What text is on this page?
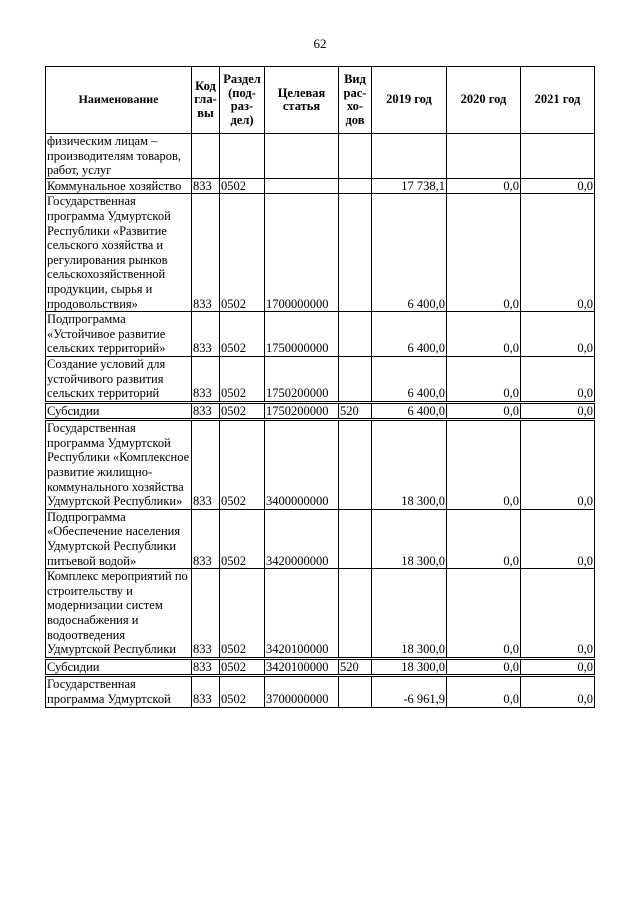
62
Наименование	Код гла- вы	Раздел (под- раз- дел)	Целевая статья	Вид рас- хо- дов	2019 год	2020 год	2021 год
физическим лицам – производителям товаров, работ, услуг							
Коммунальное хозяйство	833	0502			17 738,1	0,0	0,0
Государственная программа Удмуртской Республики «Развитие сельского хозяйства и регулирования рынков сельскохозяйственной продукции, сырья и продовольствия»	833	0502	1700000000		6 400,0	0,0	0,0
Подпрограмма «Устойчивое развитие сельских территорий»	833	0502	1750000000		6 400,0	0,0	0,0
Создание условий для устойчивого развития сельских территорий	833	0502	1750200000		6 400,0	0,0	0,0
Субсидии	833	0502	1750200000	520	6 400,0	0,0	0,0
Государственная программа Удмуртской Республики «Комплексное развитие жилищно-коммунального хозяйства Удмуртской Республики»	833	0502	3400000000		18 300,0	0,0	0,0
Подпрограмма «Обеспечение населения Удмуртской Республики питьевой водой»	833	0502	3420000000		18 300,0	0,0	0,0
Комплекс мероприятий по строительству и модернизации систем водоснабжения и водоотведения Удмуртской Республики	833	0502	3420100000		18 300,0	0,0	0,0
Субсидии	833	0502	3420100000	520	18 300,0	0,0	0,0
Государственная программа Удмуртской	833	0502	3700000000		-6 961,9	0,0	0,0
